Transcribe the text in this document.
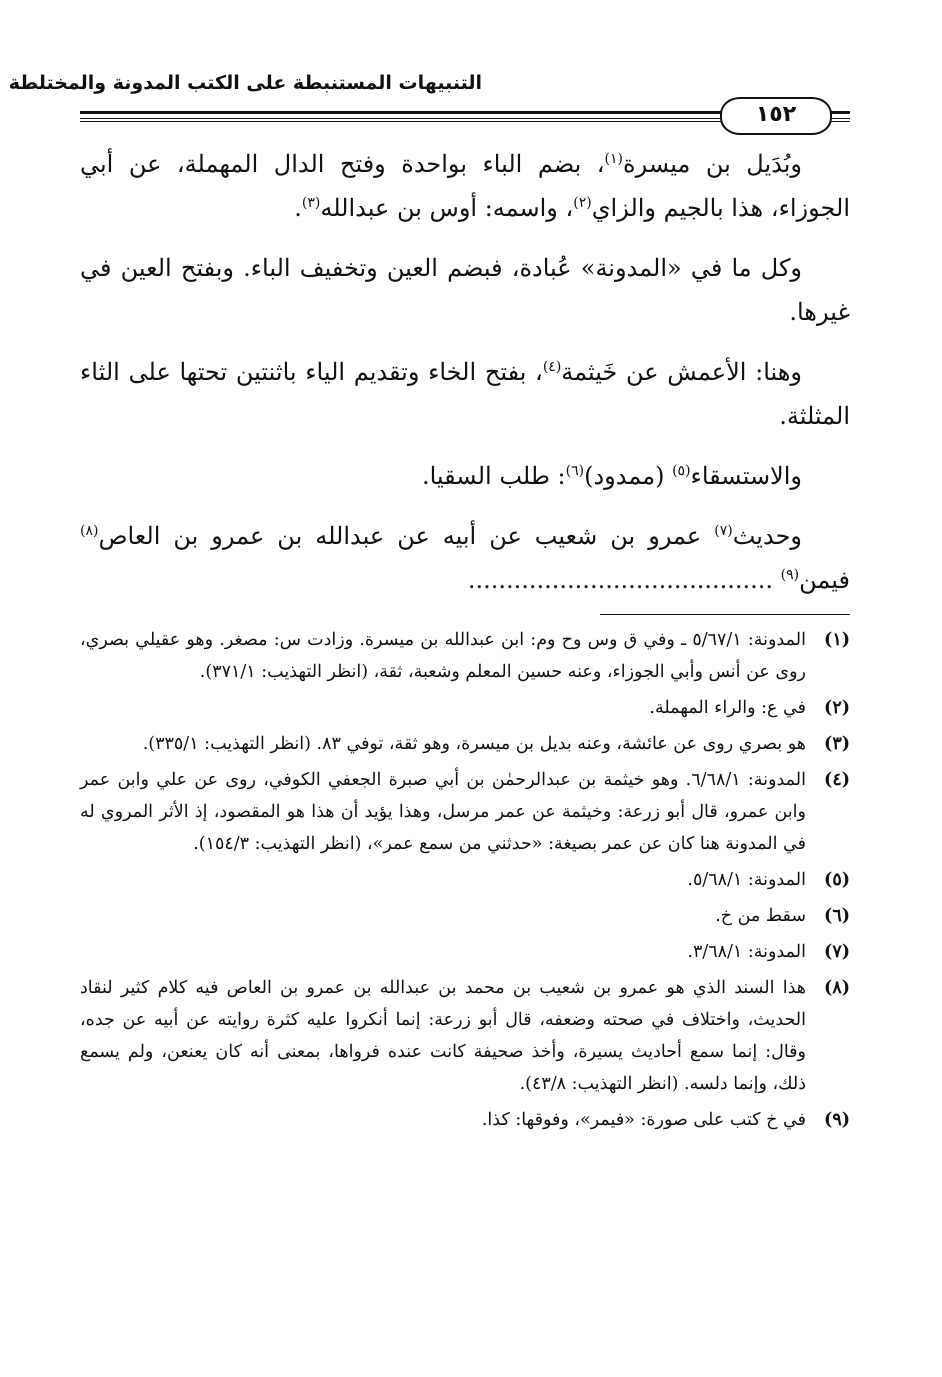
التنبيهات المستنبطة على الكتب المدونة والمختلطة
١٥٢

وبُدَيل بن ميسرة$^{(١)}$، بضم الباء بواحدة وفتح الدال المهملة، عن أبي الجوزاء، هذا بالجيم والزاي$^{(٢)}$، واسمه: أوس بن عبدالله$^{(٣)}$.

وكل ما في «المدونة» عُبادة، فبضم العين وتخفيف الباء. وبفتح العين في غيرها.

وهنا: الأعمش عن خَيثمة$^{(٤)}$، بفتح الخاء وتقديم الياء باثنتين تحتها على الثاء المثلثة.

والاستسقاء$^{(٥)}$ (ممدود)$^{(٦)}$: طلب السقيا.

وحديث$^{(٧)}$ عمرو بن شعيب عن أبيه عن عبدالله بن عمرو بن العاص$^{(٨)}$ فيمن$^{(٩)}$ ........................................

(١)
المدونة: ٥/٦٧/١ ـ وفي ق وس وح وم: ابن عبدالله بن ميسرة. وزادت س: مصغر. وهو عقيلي بصري، روى عن أنس وأبي الجوزاء، وعنه حسين المعلم وشعبة، ثقة، (انظر التهذيب: ٣٧١/١).
(٢)
في ع: والراء المهملة.
(٣)
هو بصري روى عن عائشة، وعنه بديل بن ميسرة، وهو ثقة، توفي ٨٣. (انظر التهذيب: ٣٣٥/١).
(٤)
المدونة: ٦/٦٨/١. وهو خيثمة بن عبدالرحمٰن بن أبي صبرة الجعفي الكوفي، روى عن علي وابن عمر وابن عمرو، قال أبو زرعة: وخيثمة عن عمر مرسل، وهذا يؤيد أن هذا هو المقصود، إذ الأثر المروي له في المدونة هنا كان عن عمر بصيغة: «حدثني من سمع عمر»، (انظر التهذيب: ١٥٤/٣).
(٥)
المدونة: ٥/٦٨/١.
(٦)
سقط من خ.
(٧)
المدونة: ٣/٦٨/١.
(٨)
هذا السند الذي هو عمرو بن شعيب بن محمد بن عبدالله بن عمرو بن العاص فيه كلام كثير لنقاد الحديث، واختلاف في صحته وضعفه، قال أبو زرعة: إنما أنكروا عليه كثرة روايته عن أبيه عن جده، وقال: إنما سمع أحاديث يسيرة، وأخذ صحيفة كانت عنده فرواها، بمعنى أنه كان يعنعن، ولم يسمع ذلك، وإنما دلسه. (انظر التهذيب: ٤٣/٨).
(٩)
في خ كتب على صورة: «فيمر»، وفوقها: كذا.
